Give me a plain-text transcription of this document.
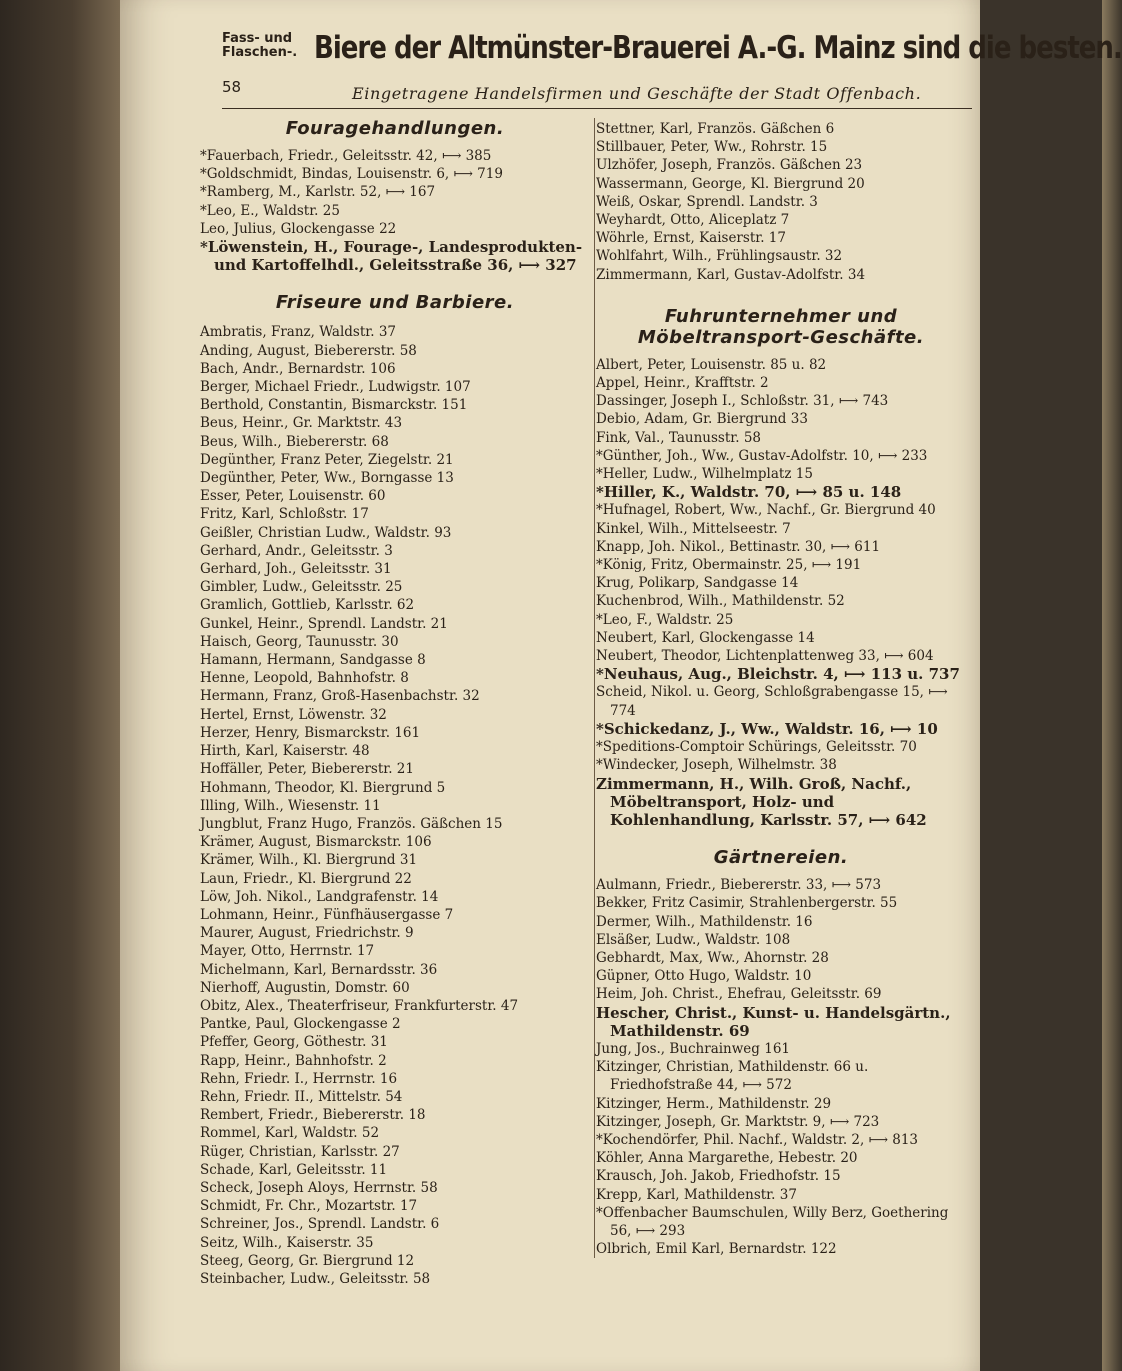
Fass- und
Flaschen-. Biere der Altmünster-Brauerei A.-G. Mainz sind die besten.
58	Eingetragene Handelsfirmen und Geschäfte der Stadt Offenbach.
Fouragehandlungen.
*Fauerbach, Friedr., Geleitsstr. 42, ⟼ 385
*Goldschmidt, Bindas, Louisenstr. 6, ⟼ 719
*Ramberg, M., Karlstr. 52, ⟼ 167
*Leo, E., Waldstr. 25
Leo, Julius, Glockengasse 22
*Löwenstein, H., Fourage-, Landesprodukten- und Kartoffelhdl., Geleitsstraße 36, ⟼ 327
Friseure und Barbiere.
Ambratis, Franz, Waldstr. 37
Anding, August, Biebererstr. 58
Bach, Andr., Bernardstr. 106
Berger, Michael Friedr., Ludwigstr. 107
Berthold, Constantin, Bismarckstr. 151
Beus, Heinr., Gr. Marktstr. 43
Beus, Wilh., Biebererstr. 68
Degünther, Franz Peter, Ziegelstr. 21
Degünther, Peter, Ww., Borngasse 13
Esser, Peter, Louisenstr. 60
Fritz, Karl, Schloßstr. 17
Geißler, Christian Ludw., Waldstr. 93
Gerhard, Andr., Geleitsstr. 3
Gerhard, Joh., Geleitsstr. 31
Gimbler, Ludw., Geleitsstr. 25
Gramlich, Gottlieb, Karlsstr. 62
Gunkel, Heinr., Sprendl. Landstr. 21
Haisch, Georg, Taunusstr. 30
Hamann, Hermann, Sandgasse 8
Henne, Leopold, Bahnhofstr. 8
Hermann, Franz, Groß-Hasenbachstr. 32
Hertel, Ernst, Löwenstr. 32
Herzer, Henry, Bismarckstr. 161
Hirth, Karl, Kaiserstr. 48
Hoffäller, Peter, Biebererstr. 21
Hohmann, Theodor, Kl. Biergrund 5
Illing, Wilh., Wiesenstr. 11
Jungblut, Franz Hugo, Französ. Gäßchen 15
Krämer, August, Bismarckstr. 106
Krämer, Wilh., Kl. Biergrund 31
Laun, Friedr., Kl. Biergrund 22
Löw, Joh. Nikol., Landgrafenstr. 14
Lohmann, Heinr., Fünfhäusergasse 7
Maurer, August, Friedrichstr. 9
Mayer, Otto, Herrnstr. 17
Michelmann, Karl, Bernardsstr. 36
Nierhoff, Augustin, Domstr. 60
Obitz, Alex., Theaterfriseur, Frankfurterstr. 47
Pantke, Paul, Glockengasse 2
Pfeffer, Georg, Göthestr. 31
Rapp, Heinr., Bahnhofstr. 2
Rehn, Friedr. I., Herrnstr. 16
Rehn, Friedr. II., Mittelstr. 54
Rembert, Friedr., Biebererstr. 18
Rommel, Karl, Waldstr. 52
Rüger, Christian, Karlsstr. 27
Schade, Karl, Geleitsstr. 11
Scheck, Joseph Aloys, Herrnstr. 58
Schmidt, Fr. Chr., Mozartstr. 17
Schreiner, Jos., Sprendl. Landstr. 6
Seitz, Wilh., Kaiserstr. 35
Steeg, Georg, Gr. Biergrund 12
Steinbacher, Ludw., Geleitsstr. 58
Stettner, Karl, Französ. Gäßchen 6
Stillbauer, Peter, Ww., Rohrstr. 15
Ulzhöfer, Joseph, Französ. Gäßchen 23
Wassermann, George, Kl. Biergrund 20
Weiß, Oskar, Sprendl. Landstr. 3
Weyhardt, Otto, Aliceplatz 7
Wöhrle, Ernst, Kaiserstr. 17
Wohlfahrt, Wilh., Frühlingsaustr. 32
Zimmermann, Karl, Gustav-Adolfstr. 34
Fuhrunternehmer und Möbeltransport-Geschäfte.
Albert, Peter, Louisenstr. 85 u. 82
Appel, Heinr., Krafftstr. 2
Dassinger, Joseph I., Schloßstr. 31, ⟼ 743
Debio, Adam, Gr. Biergrund 33
Fink, Val., Taunusstr. 58
*Günther, Joh., Ww., Gustav-Adolfstr. 10, ⟼ 233
*Heller, Ludw., Wilhelmplatz 15
*Hiller, K., Waldstr. 70, ⟼ 85 u. 148
*Hufnagel, Robert, Ww., Nachf., Gr. Biergrund 40
Kinkel, Wilh., Mittelseestr. 7
Knapp, Joh. Nikol., Bettinastr. 30, ⟼ 611
*König, Fritz, Obermainstr. 25, ⟼ 191
Krug, Polikarp, Sandgasse 14
Kuchenbrod, Wilh., Mathildenstr. 52
*Leo, F., Waldstr. 25
Neubert, Karl, Glockengasse 14
Neubert, Theodor, Lichtenplattenweg 33, ⟼ 604
*Neuhaus, Aug., Bleichstr. 4, ⟼ 113 u. 737
Scheid, Nikol. u. Georg, Schloßgrabengasse 15, ⟼ 774
*Schickedanz, J., Ww., Waldstr. 16, ⟼ 10
*Speditions-Comptoir Schürings, Geleitsstr. 70
*Windecker, Joseph, Wilhelmstr. 38
Zimmermann, H., Wilh. Groß, Nachf., Möbeltransport, Holz- und Kohlenhandlung, Karlsstr. 57, ⟼ 642
Gärtnereien.
Aulmann, Friedr., Biebererstr. 33, ⟼ 573
Bekker, Fritz Casimir, Strahlenbergerstr. 55
Dermer, Wilh., Mathildenstr. 16
Elsäßer, Ludw., Waldstr. 108
Gebhardt, Max, Ww., Ahornstr. 28
Güpner, Otto Hugo, Waldstr. 10
Heim, Joh. Christ., Ehefrau, Geleitsstr. 69
Hescher, Christ., Kunst- u. Handelsgärtn., Mathildenstr. 69
Jung, Jos., Buchrainweg 161
Kitzinger, Christian, Mathildenstr. 66 u. Friedhofstraße 44, ⟼ 572
Kitzinger, Herm., Mathildenstr. 29
Kitzinger, Joseph, Gr. Marktstr. 9, ⟼ 723
*Kochendörfer, Phil. Nachf., Waldstr. 2, ⟼ 813
Köhler, Anna Margarethe, Hebestr. 20
Krausch, Joh. Jakob, Friedhofstr. 15
Krepp, Karl, Mathildenstr. 37
*Offenbacher Baumschulen, Willy Berz, Goethering 56, ⟼ 293
Olbrich, Emil Karl, Bernardstr. 122
